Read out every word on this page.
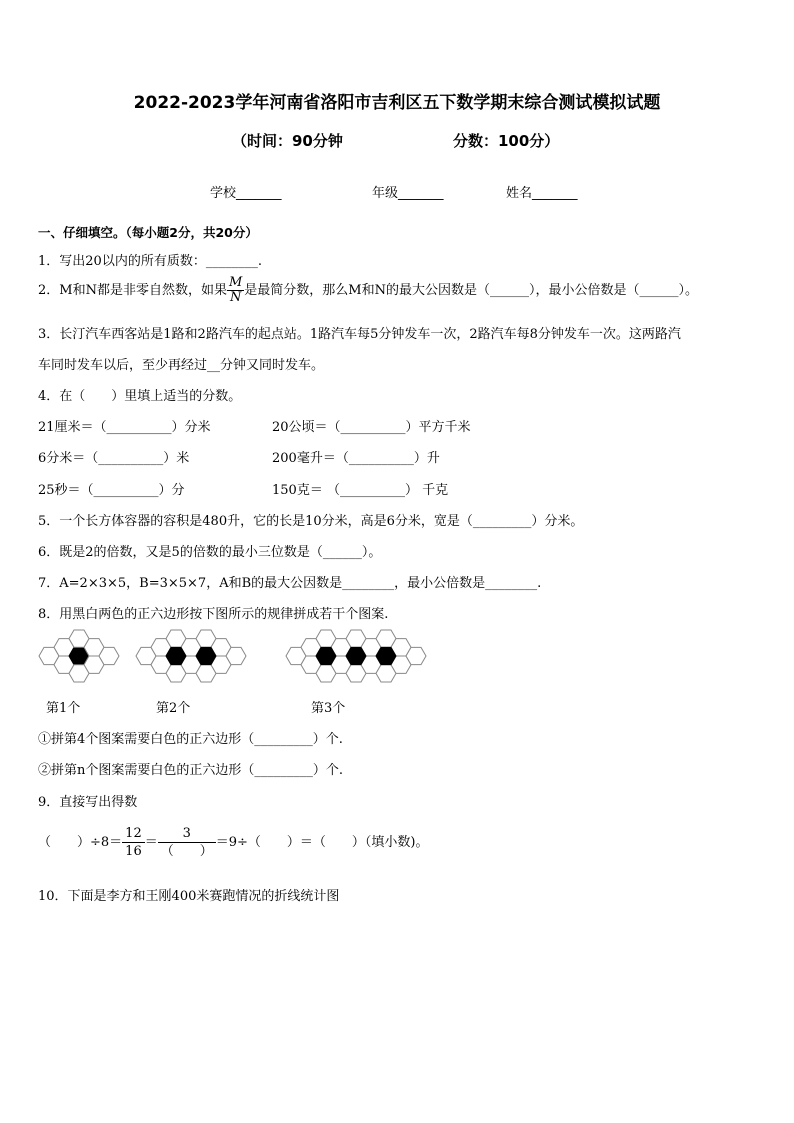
2022-2023学年河南省洛阳市吉利区五下数学期末综合测试模拟试题
（时间：90分钟	分数：100分）
学校_______	年级_______	姓名_______
一、仔细填空。（每小题2分，共20分）
1．写出20以内的所有质数：________.
2．M和N都是非零自然数，如果 $\frac{M}{N}$ 是最简分数，那么M和N的最大公因数是（______），最小公倍数是（______）。
3．长汀汽车西客站是1路和2路汽车的起点站。1路汽车每5分钟发车一次，2路汽车每8分钟发车一次。这两路汽
车同时发车以后，至少再经过__分钟又同时发车。
4．在（　　）里填上适当的分数。
21厘米＝（__________）分米	20公顷＝（__________）平方千米
6分米＝（__________）米	200毫升＝（__________）升
25秒＝（__________）分	150克＝ （__________） 千克
5．一个长方体容器的容积是480升，它的长是10分米，高是6分米，宽是（_________）分米。
6．既是2的倍数，又是5的倍数的最小三位数是（______）。
7．A=2×3×5，B=3×5×7，A和B的最大公因数是________，最小公倍数是________.
8．用黑白两色的正六边形按下图所示的规律拼成若干个图案.
第1个	第2个	第3个
①拼第4个图案需要白色的正六边形（_________）个.
②拼第n个图案需要白色的正六边形（_________）个.
9．直接写出得数
（　　）$\div 8= \frac{12}{16}$ ＝
3
（　　）
＝9÷（　　）＝（　　）（填小数)。
10．下面是李方和王刚400米赛跑情况的折线统计图
